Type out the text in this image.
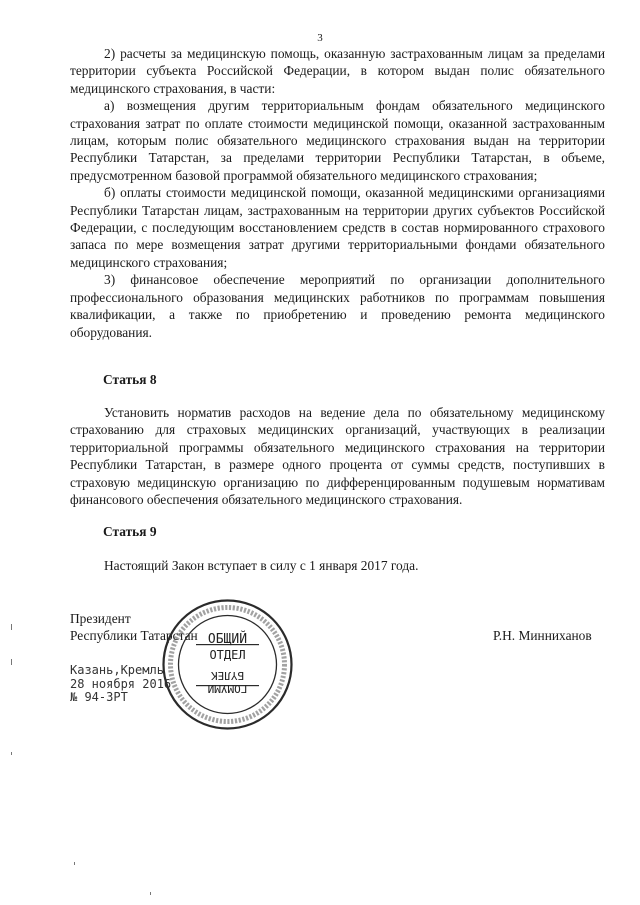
3

2) расчеты за медицинскую помощь, оказанную застрахованным лицам за пределами территории субъекта Российской Федерации, в котором выдан полис обязательного медицинского страхования, в части:

а) возмещения другим территориальным фондам обязательного медицинского страхования затрат по оплате стоимости медицинской помощи, оказанной застрахованным лицам, которым полис обязательного медицинского страхования выдан на территории Республики Татарстан, за пределами территории Республики Татарстан, в объеме, предусмотренном базовой программой обязательного медицинского страхования;

б) оплаты стоимости медицинской помощи, оказанной медицинскими организациями Республики Татарстан лицам, застрахованным на территории других субъектов Российской Федерации, с последующим восстановлением средств в состав нормированного страхового запаса по мере возмещения затрат другими территориальными фондами обязательного медицинского страхования;

3) финансовое обеспечение мероприятий по организации дополнительного профессионального образования медицинских работников по программам повышения квалификации, а также по приобретению и проведению ремонта медицинского оборудования.

Статья 8

Установить норматив расходов на ведение дела по обязательному медицинскому страхованию для страховых медицинских организаций, участвующих в реализации территориальной программы обязательного медицинского страхования на территории Республики Татарстан, в размере одного процента от суммы средств, поступивших в страховую медицинскую организацию по дифференцированным подушевым нормативам финансового обеспечения обязательного медицинского страхования.

Статья 9

Настоящий Закон вступает в силу с 1 января 2017 года.

Президент
Республики Татарстан	Р.Н. Минниханов
Казань,Кремль
28 ноября 2016
№ 94-ЗРТ
ОБЩИЙ
ОТДЕЛ
ГОМУМИ
БҮЛЕК
